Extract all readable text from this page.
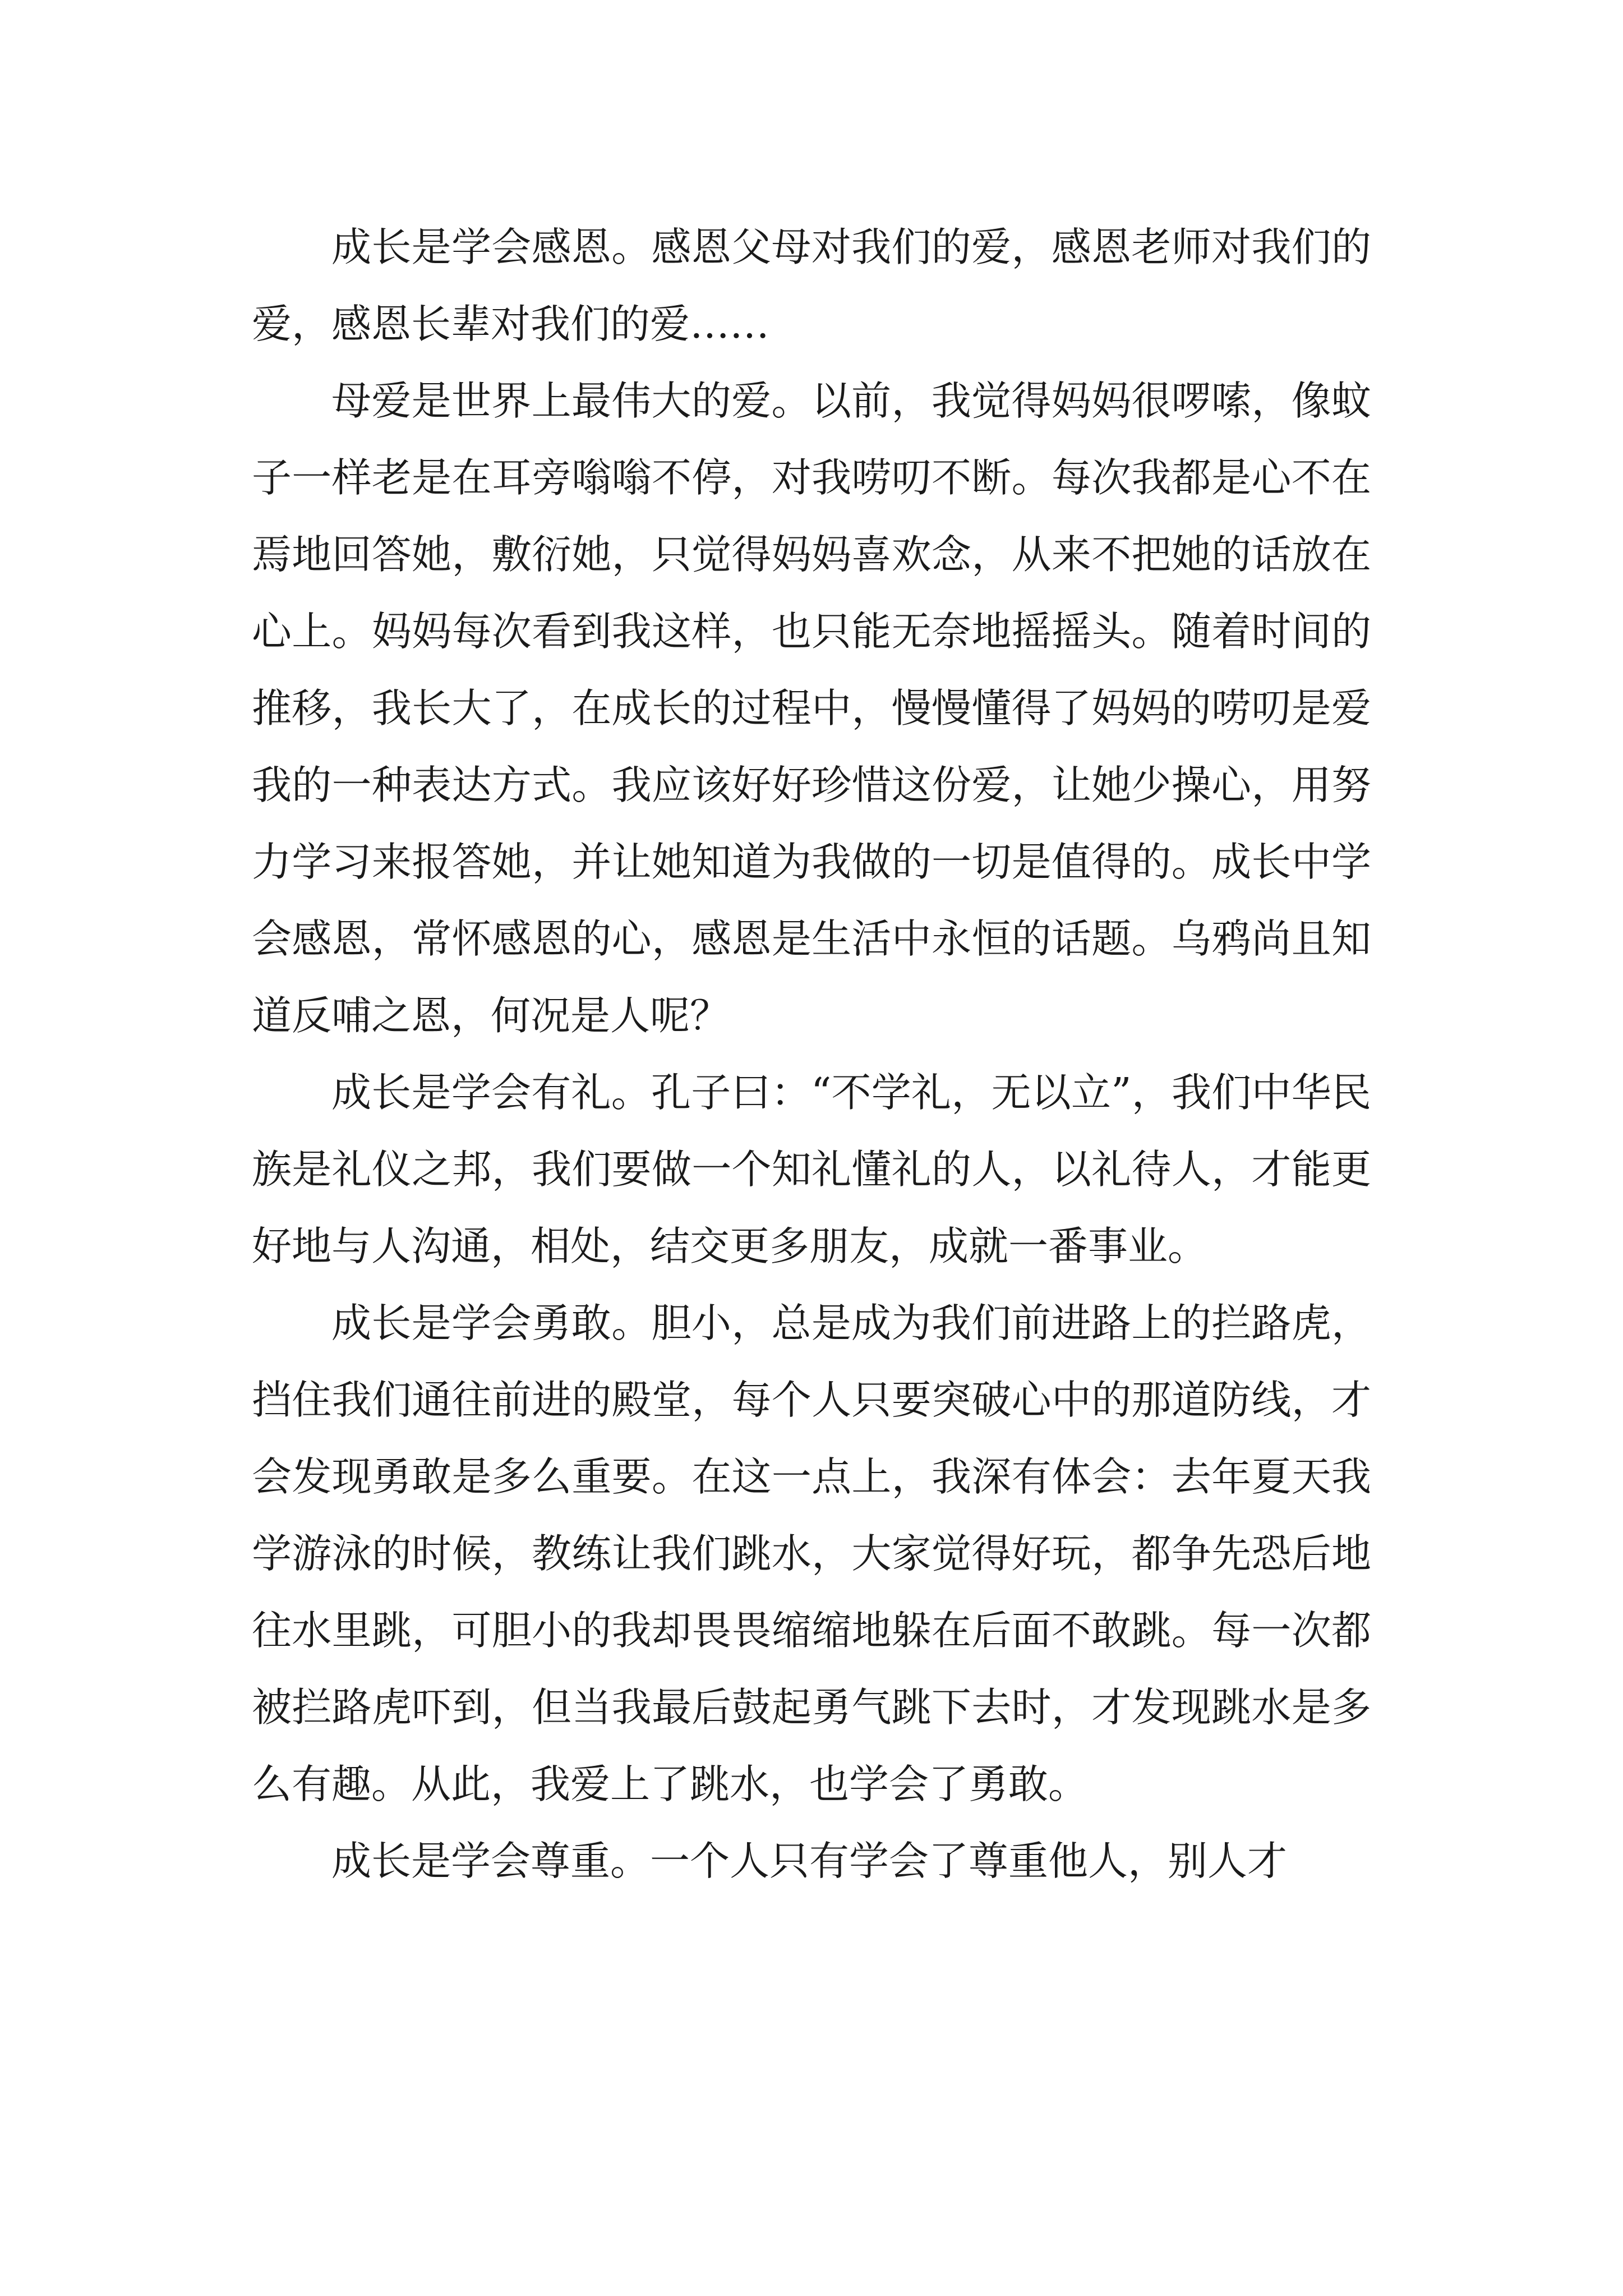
成长是学会感恩。感恩父母对我们的爱，感恩老师对我们的爱，感恩长辈对我们的爱……

母爱是世界上最伟大的爱。以前，我觉得妈妈很啰嗦，像蚊子一样老是在耳旁嗡嗡不停，对我唠叨不断。每次我都是心不在焉地回答她，敷衍她，只觉得妈妈喜欢念，从来不把她的话放在心上。妈妈每次看到我这样，也只能无奈地摇摇头。随着时间的推移，我长大了，在成长的过程中，慢慢懂得了妈妈的唠叨是爱我的一种表达方式。我应该好好珍惜这份爱，让她少操心，用努力学习来报答她，并让她知道为我做的一切是值得的。成长中学会感恩，常怀感恩的心，感恩是生活中永恒的话题。乌鸦尚且知道反哺之恩，何况是人呢？

成长是学会有礼。孔子曰：“不学礼，无以立”，我们中华民族是礼仪之邦，我们要做一个知礼懂礼的人，以礼待人，才能更好地与人沟通，相处，结交更多朋友，成就一番事业。

成长是学会勇敢。胆小，总是成为我们前进路上的拦路虎，挡住我们通往前进的殿堂，每个人只要突破心中的那道防线，才会发现勇敢是多么重要。在这一点上，我深有体会：去年夏天我学游泳的时候，教练让我们跳水，大家觉得好玩，都争先恐后地往水里跳，可胆小的我却畏畏缩缩地躲在后面不敢跳。每一次都被拦路虎吓到，但当我最后鼓起勇气跳下去时，才发现跳水是多么有趣。从此，我爱上了跳水，也学会了勇敢。

成长是学会尊重。一个人只有学会了尊重他人，别人才
